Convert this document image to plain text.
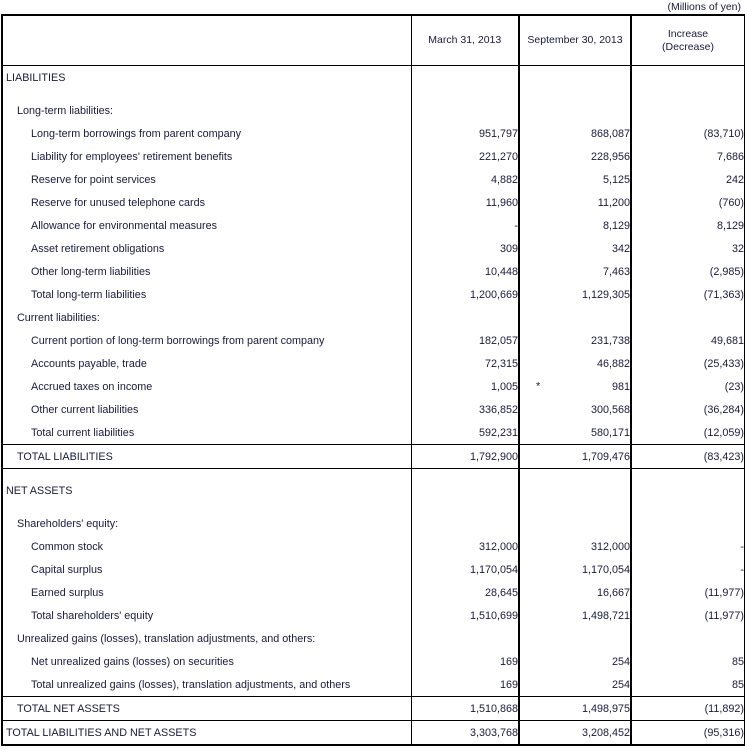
(Millions of yen)
	March 31, 2013	September 30, 2013	Increase
(Decrease)

LIABILITIES			

Long-term liabilities:			
Long-term borrowings from parent company	951,797	868,087	(83,710)
Liability for employees' retirement benefits	221,270	228,956	7,686
Reserve for point services	4,882	5,125	242
Reserve for unused telephone cards	11,960	11,200	(760)
Allowance for environmental measures	-	8,129	8,129
Asset retirement obligations	309	342	32
Other long-term liabilities	10,448	7,463	(2,985)
Total long-term liabilities	1,200,669	1,129,305	(71,363)
Current liabilities:			
Current portion of long-term borrowings from parent company	182,057	231,738	49,681
Accounts payable, trade	72,315	46,882	(25,433)
Accrued taxes on income	1,005	* 981	(23)
Other current liabilities	336,852	300,568	(36,284)
Total current liabilities	592,231	580,171	(12,059)
TOTAL LIABILITIES	1,792,900	1,709,476	(83,423)

NET ASSETS			

Shareholders' equity:			
Common stock	312,000	312,000	-
Capital surplus	1,170,054	1,170,054	-
Earned surplus	28,645	16,667	(11,977)
Total shareholders' equity	1,510,699	1,498,721	(11,977)
Unrealized gains (losses), translation adjustments, and others:			
Net unrealized gains (losses) on securities	169	254	85
Total unrealized gains (losses), translation adjustments, and others	169	254	85
TOTAL NET ASSETS	1,510,868	1,498,975	(11,892)
TOTAL LIABILITIES AND NET ASSETS	3,303,768	3,208,452	(95,316)
